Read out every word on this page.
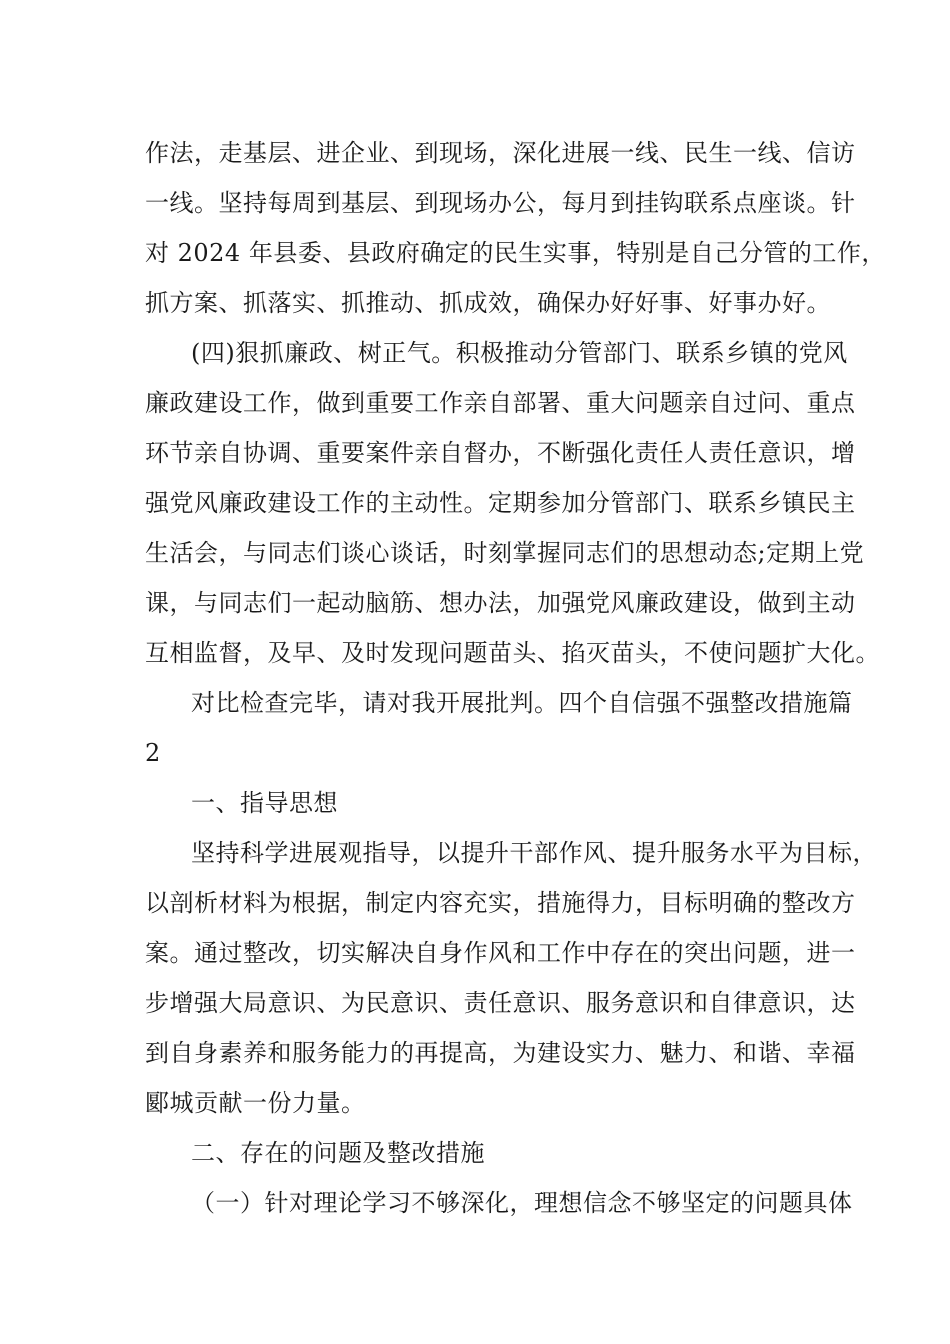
作法，走基层、进企业、到现场，深化进展一线、民生一线、信访
一线。坚持每周到基层、到现场办公，每月到挂钩联系点座谈。针
对 2024 年县委、县政府确定的民生实事，特别是自己分管的工作，
抓方案、抓落实、抓推动、抓成效，确保办好好事、好事办好。
(四)狠抓廉政、树正气。积极推动分管部门、联系乡镇的党风
廉政建设工作，做到重要工作亲自部署、重大问题亲自过问、重点
环节亲自协调、重要案件亲自督办，不断强化责任人责任意识，增
强党风廉政建设工作的主动性。定期参加分管部门、联系乡镇民主
生活会，与同志们谈心谈话，时刻掌握同志们的思想动态;定期上党
课，与同志们一起动脑筋、想办法，加强党风廉政建设，做到主动
互相监督，及早、及时发现问题苗头、掐灭苗头，不使问题扩大化。
对比检查完毕，请对我开展批判。四个自信强不强整改措施篇
2
一、指导思想
坚持科学进展观指导，以提升干部作风、提升服务水平为目标，
以剖析材料为根据，制定内容充实，措施得力，目标明确的整改方
案。通过整改，切实解决自身作风和工作中存在的突出问题，进一
步增强大局意识、为民意识、责任意识、服务意识和自律意识，达
到自身素养和服务能力的再提高，为建设实力、魅力、和谐、幸福
郾城贡献一份力量。
二、存在的问题及整改措施
（一）针对理论学习不够深化，理想信念不够坚定的问题具体
